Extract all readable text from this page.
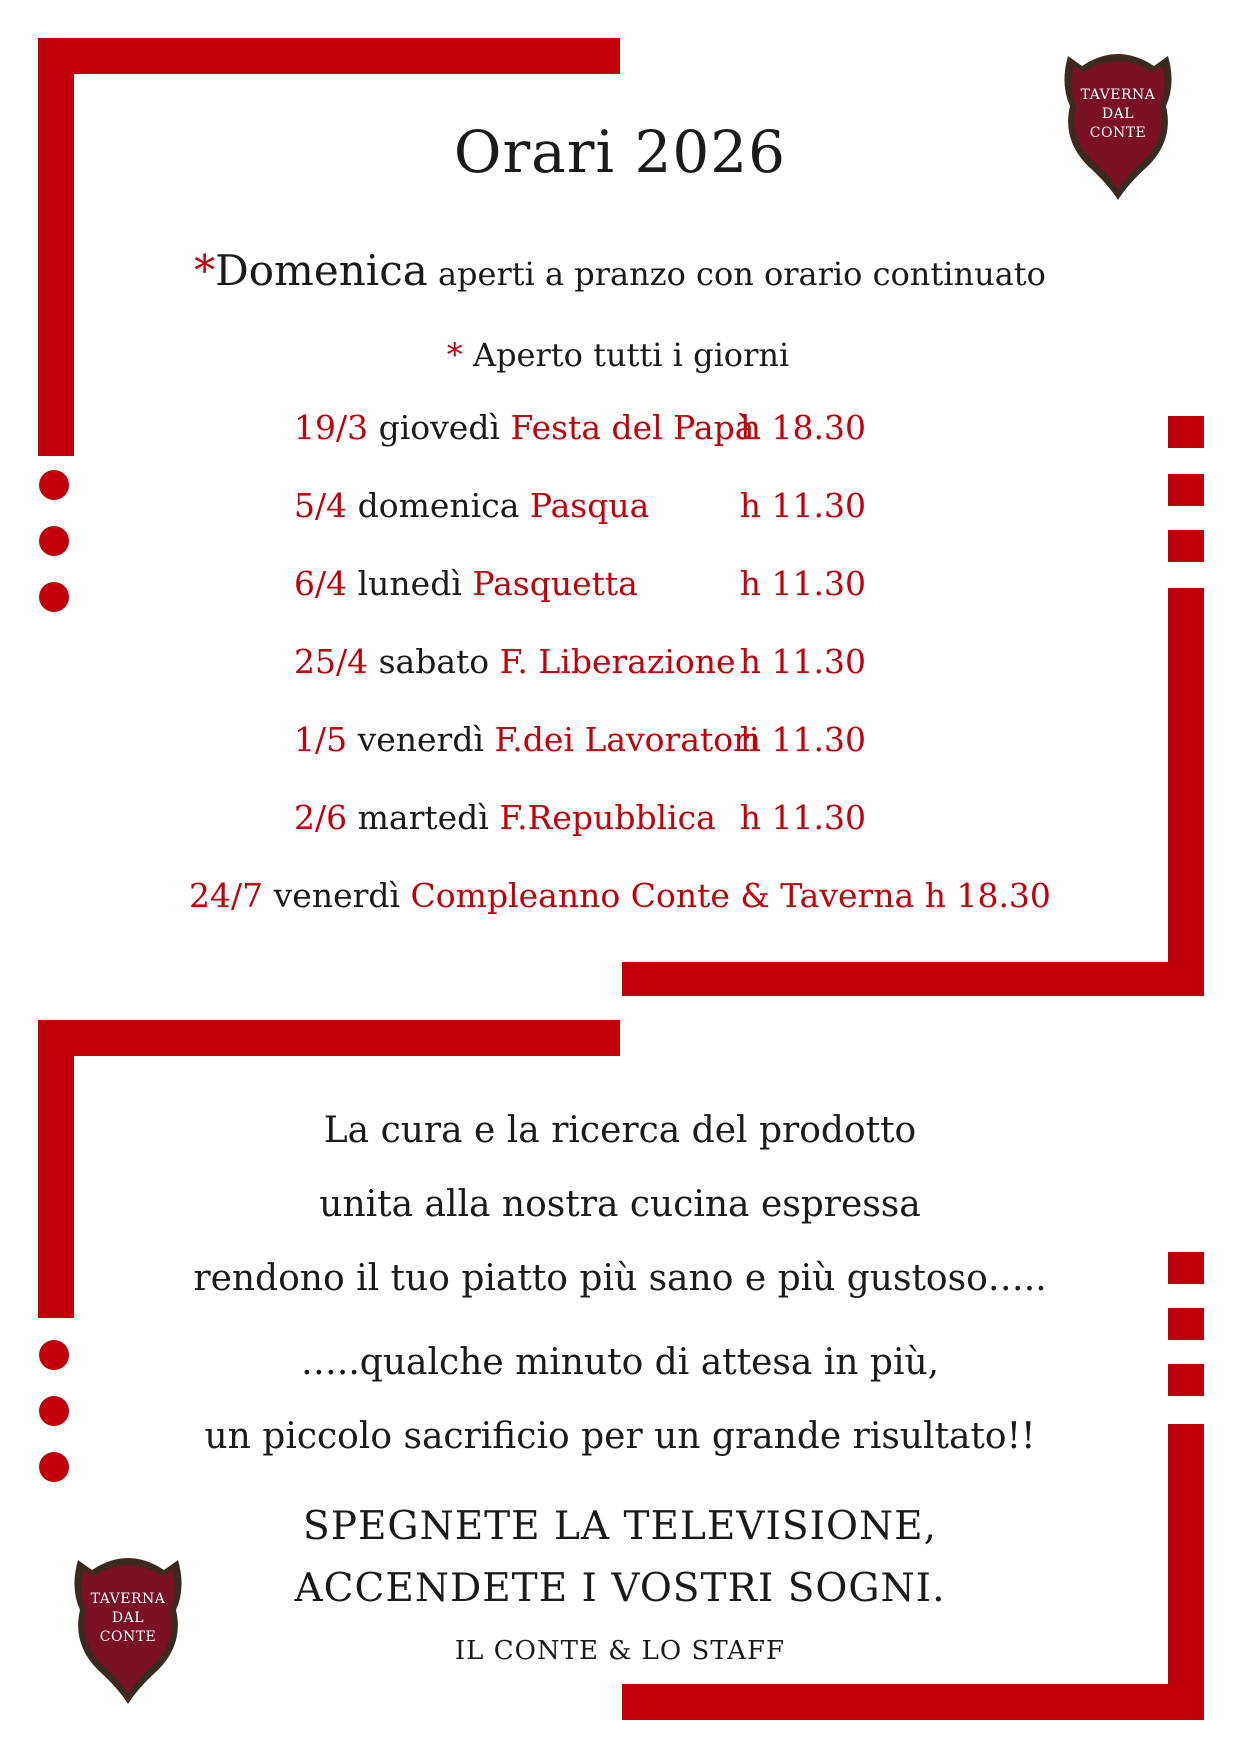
TAVERNA
DAL
CONTE
Orari 2026
*Domenica aperti a pranzo con orario continuato
* Aperto tutti i giorni
19/3 giovedì Festa del Papà
h 18.30
5/4 domenica Pasqua	h 11.30
6/4 lunedì Pasquetta	h 11.30
25/4 sabato F. Liberazione h 11.30
1/5 venerdì F.dei Lavoratori
h 11.30
2/6 martedì F.Repubblica h 11.30
24/7 venerdì Compleanno Conte & Taverna h 18.30
La cura e la ricerca del prodotto
unita alla nostra cucina espressa
rendono il tuo piatto più sano e più gustoso…..
…..qualche minuto di attesa in più,
un piccolo sacrificio per un grande risultato!!
SPEGNETE LA TELEVISIONE,
ACCENDETE I VOSTRI SOGNI.
IL CONTE & LO STAFF
TAVERNA
DAL
CONTE
